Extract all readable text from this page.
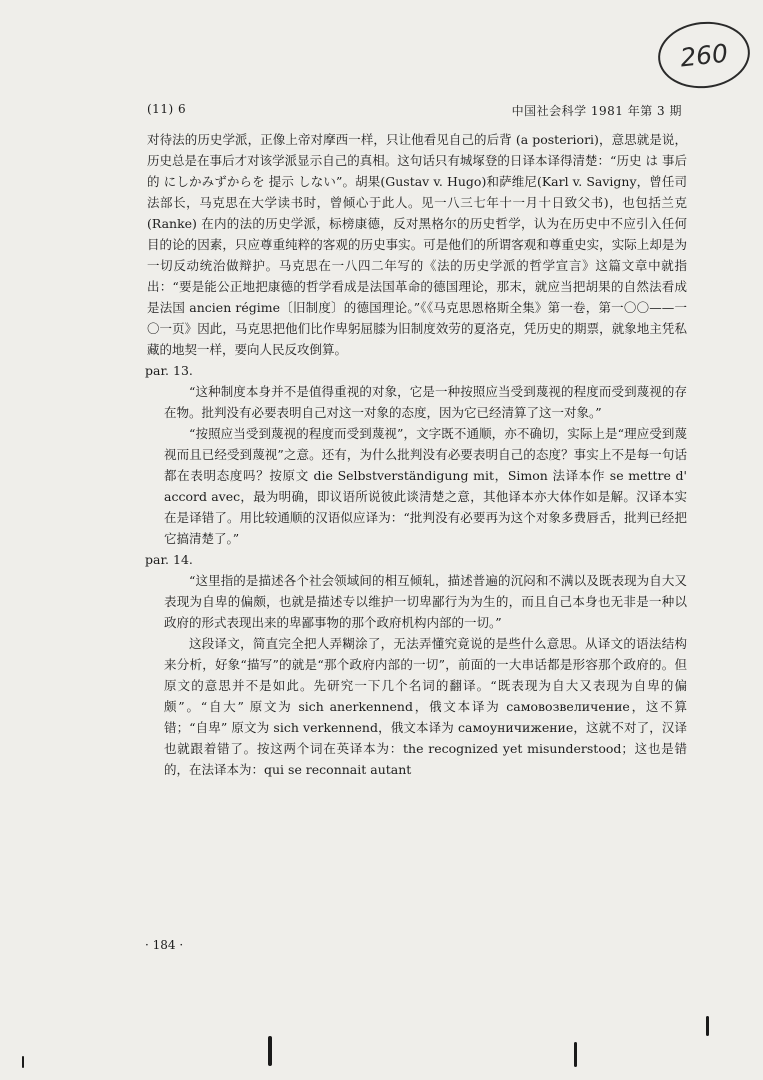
260
(11) 6	中国社会科学 1981 年第 3 期

对待法的历史学派，正像上帝对摩西一样，只让他看见自己的后背 (a posteriori)，意思就是说，历史总是在事后才对该学派显示自己的真相。这句话只有城塚登的日译本译得清楚：“历史 は 事后的 にしかみずからを 提示 しない”。胡果(Gustav v. Hugo)和萨维尼(Karl v. Savigny，曾任司法部长，马克思在大学读书时，曾倾心于此人。见一八三七年十一月十日致父书)，也包括兰克 (Ranke) 在内的法的历史学派，标榜康德，反对黑格尔的历史哲学，认为在历史中不应引入任何目的论的因素，只应尊重纯粹的客观的历史事实。可是他们的所谓客观和尊重史实，实际上却是为一切反动统治做辩护。马克思在一八四二年写的《法的历史学派的哲学宣言》这篇文章中就指出：“要是能公正地把康德的哲学看成是法国革命的德国理论，那末，就应当把胡果的自然法看成是法国 ancien régime〔旧制度〕的德国理论。”《《马克思恩格斯全集》第一卷，第一〇〇——一〇一页》因此，马克思把他们比作卑躬屈膝为旧制度效劳的夏洛克，凭历史的期票，就象地主凭私藏的地契一样，要向人民反攻倒算。

par. 13.

“这种制度本身并不是值得重视的对象，它是一种按照应当受到蔑视的程度而受到蔑视的存在物。批判没有必要表明自己对这一对象的态度，因为它已经清算了这一对象。”

“按照应当受到蔑视的程度而受到蔑视”，文字既不通顺，亦不确切，实际上是“理应受到蔑视而且已经受到蔑视”之意。还有，为什么批判没有必要表明自己的态度？事实上不是每一句话都在表明态度吗？按原文 die Selbstverständigung mit，Simon 法译本作 se mettre d' accord avec，最为明确，即议语所说彼此谈清楚之意，其他译本亦大体作如是解。汉译本实在是译错了。用比较通顺的汉语似应译为：“批判没有必要再为这个对象多费唇舌，批判已经把它搞清楚了。”

par. 14.

“这里指的是描述各个社会领域间的相互倾轧，描述普遍的沉闷和不满以及既表现为自大又表现为自卑的偏颇，也就是描述专以维护一切卑鄙行为为生的，而且自己本身也无非是一种以政府的形式表现出来的卑鄙事物的那个政府机构内部的一切。”

这段译文，简直完全把人弄糊涂了，无法弄懂究竟说的是些什么意思。从译文的语法结构来分析，好象“描写”的就是“那个政府内部的一切”，前面的一大串话都是形容那个政府的。但原文的意思并不是如此。先研究一下几个名词的翻译。“既表现为自大又表现为自卑的偏颇”。“自大” 原文为 sich anerkennend，俄文本译为 самовозвеличение，这不算错；“自卑” 原文为 sich verkennend，俄文本译为 самоуничижение，这就不对了，汉译也就跟着错了。按这两个词在英译本为：the recognized yet misunderstood；这也是错的，在法译本为：qui se reconnait autant

· 184 ·
